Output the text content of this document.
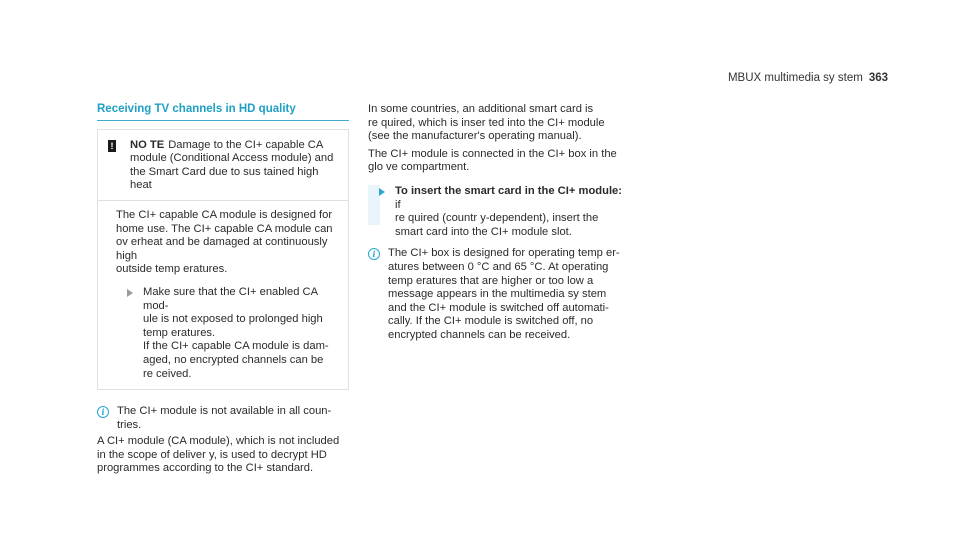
MBUX multimedia sy stem 363
Receiving TV channels in HD quality
! NO TE Damage to the CI+ capable CA
module (Conditional Access module) and
the Smart Card due to sus tained high
heat

The CI+ capable CA module is designed for

home use. The CI+ capable CA module can

ov erheat and be damaged at continuously high

outside temp eratures.

Make sure that the CI+ enabled CA mod-

ule is not exposed to prolonged high

temp eratures.

If the CI+ capable CA module is dam-

aged, no encrypted channels can be

re ceived.

i	The CI+ module is not available in all coun-

tries.

A CI+ module (CA module), which is not included

in the scope of deliver y, is used to decrypt HD

programmes according to the CI+ standard.

In some countries, an additional smart card is

re quired, which is inser ted into the CI+ module

(see the manufacturer's operating manual).

The CI+ module is connected in the CI+ box in the

glo ve compartment.

To insert the smart card in the CI+ module: if

re quired (countr y-dependent), insert the

smart card into the CI+ module slot.

i	The CI+ box is designed for operating temp er-

atures between 0 °C and 65 °C. At operating

temp eratures that are higher or too low a

message appears in the multimedia sy stem

and the CI+ module is switched off automati-

cally. If the CI+ module is switched off, no

encrypted channels can be received.
